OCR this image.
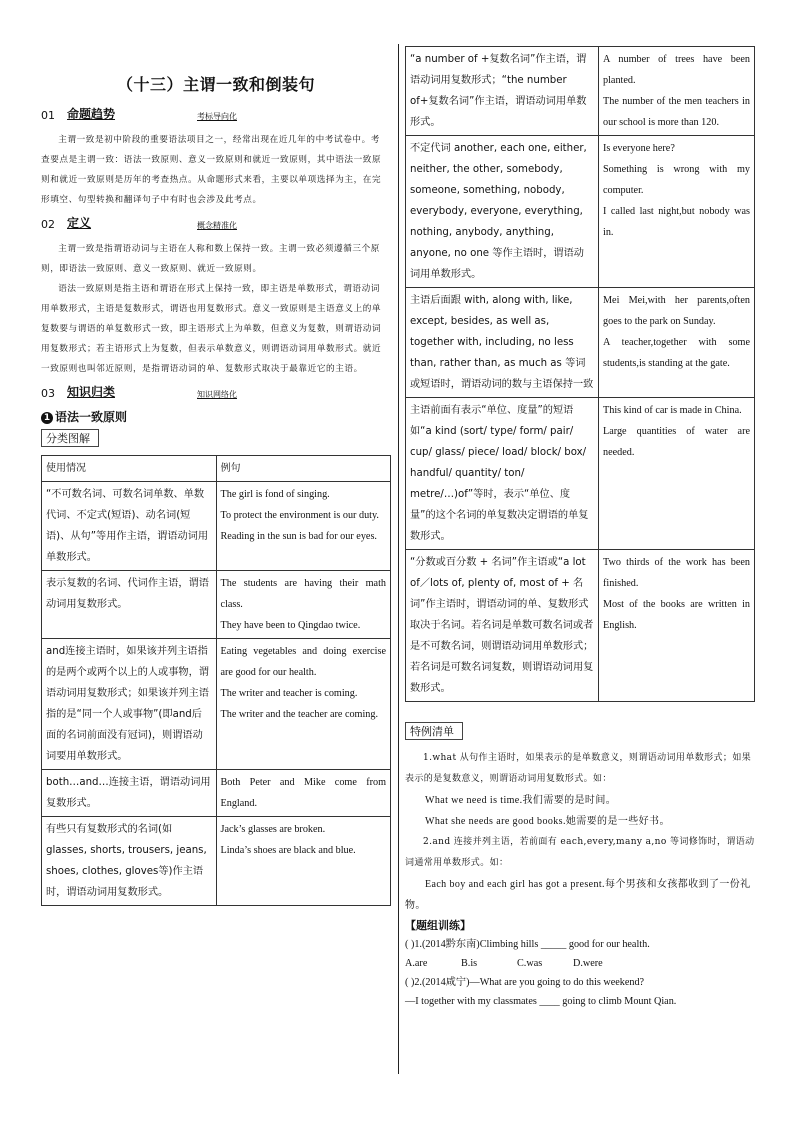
（十三）主谓一致和倒装句
01	命题趋势	考标导向化

主谓一致是初中阶段的重要语法项目之一，经常出现在近几年的中考试卷中。考查要点是主谓一致：语法一致原则、意义一致原则和就近一致原则，其中语法一致原则和就近一致原则是历年的考查热点。从命题形式来看，主要以单项选择为主，在完形填空、句型转换和翻译句子中有时也会涉及此考点。

02	定义	概念精准化

主谓一致是指谓语动词与主语在人称和数上保持一致。主谓一致必须遵循三个原则，即语法一致原则、意义一致原则、就近一致原则。

语法一致原则是指主语和谓语在形式上保持一致，即主语是单数形式，谓语动词用单数形式，主语是复数形式，谓语也用复数形式。意义一致原则是主语意义上的单复数要与谓语的单复数形式一致，即主语形式上为单数，但意义为复数，则谓语动词用复数形式；若主语形式上为复数，但表示单数意义，则谓语动词用单数形式。就近一致原则也叫邻近原则，是指谓语动词的单、复数形式取决于最靠近它的主语。

03	知识归类	知识网络化
1 语法一致原则
分类图解
使用情况	例句
“不可数名词、可数名词单数、单数代词、不定式(短语)、动名词(短语)、从句”等用作主语，谓语动词用单数形式。	The girl is fond of singing.
To protect the environment is our duty.
Reading in the sun is bad for our eyes.

表示复数的名词、代词作主语，谓语动词用复数形式。	The students are having their math class.
They have been to Qingdao twice.

and连接主语时，如果该并列主语指的是两个或两个以上的人或事物，谓语动词用复数形式；如果该并列主语指的是“同一个人或事物”(即and后面的名词前面没有冠词)，则谓语动词要用单数形式。	Eating vegetables and doing exercise are good for our health.
The writer and teacher is coming.
The writer and the teacher are coming.

both…and…连接主语，谓语动词用复数形式。	Both Peter and Mike come from England.

有些只有复数形式的名词(如glasses, shorts, trousers, jeans, shoes, clothes, gloves等)作主语时，谓语动词用复数形式。	Jack’s glasses are broken.
Linda’s shoes are black and blue.
“a number of +复数名词”作主语，谓语动词用复数形式；“the number of+复数名词”作主语，谓语动词用单数形式。	A number of trees have been planted.
The number of the men teachers in our school is more than 120.

不定代词 another, each one, either, neither, the other, somebody, someone, something, nobody, everybody, everyone, everything, nothing, anybody, anything, anyone, no one 等作主语时，谓语动词用单数形式。	Is everyone here?
Something is wrong with my computer.
I called last night,but nobody was in.

主语后面跟 with, along with, like, except, besides, as well as, together with, including, no less than, rather than, as much as 等词或短语时，谓语动词的数与主语保持一致	Mei Mei,with her parents,often goes to the park on Sunday.
A teacher,together with some students,is standing at the gate.

主语前面有表示“单位、度量”的短语如“a kind (sort/ type/ form/ pair/ cup/ glass/ piece/ load/ block/ box/ handful/ quantity/ ton/ metre/…)of”等时，表示“单位、度量”的这个名词的单复数决定谓语的单复数形式。	This kind of car is made in China.
Large quantities of water are needed.

“分数或百分数 + 名词”作主语或“a lot of／lots of, plenty of, most of + 名词”作主语时，谓语动词的单、复数形式取决于名词。若名词是单数可数名词或者是不可数名词，则谓语动词用单数形式；若名词是可数名词复数，则谓语动词用复数形式。	Two thirds of the work has been finished.
Most of the books are written in English.
特例清单

1.what 从句作主语时，如果表示的是单数意义，则谓语动词用单数形式；如果表示的是复数意义，则谓语动词用复数形式。如：

What we need is time.我们需要的是时间。

What she needs are good books.她需要的是一些好书。

2.and 连接并列主语，若前面有 each,every,many a,no 等词修饰时，谓语动词通常用单数形式。如：

Each boy and each girl has got a present.每个男孩和女孩都收到了一份礼物。

【题组训练】
( )1.(2014黔东南)Climbing hills _____ good for our health.
A.are	B.is	C.was	D.were
( )2.(2014咸宁)—What are you going to do this weekend?
—I together with my classmates ____ going to climb Mount Qian.
